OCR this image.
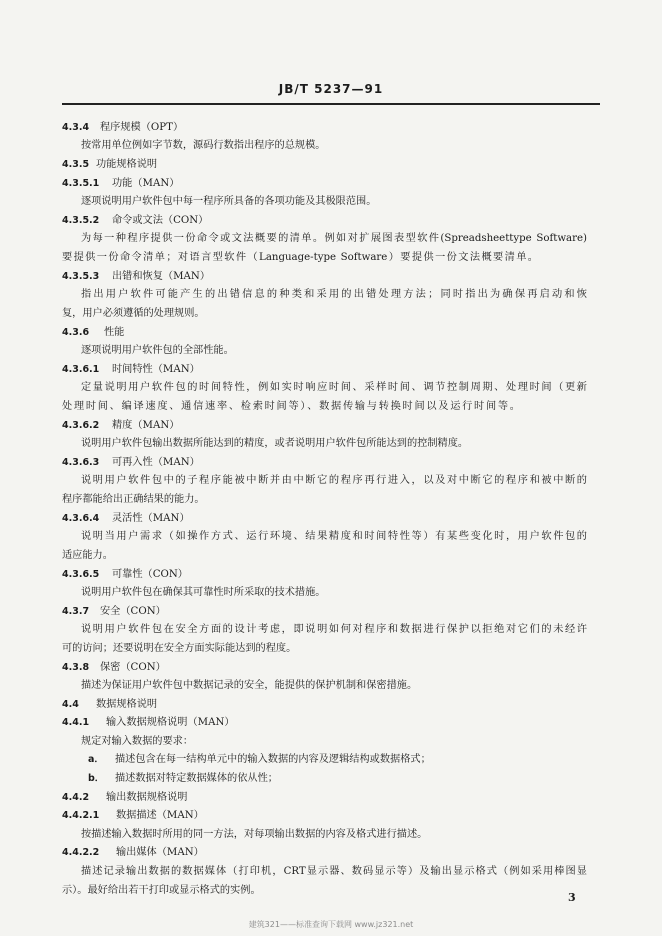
JB/T 5237—91
4.3.4 程序规模（OPT）
按常用单位例如字节数，源码行数指出程序的总规模。
4.3.5 功能规格说明
4.3.5.1 功能（MAN）
逐项说明用户软件包中每一程序所具备的各项功能及其极限范围。
4.3.5.2 命令或文法（CON）
为每一种程序提供一份命令或文法概要的清单。例如对扩展图表型软件(Spreadsheettype Software)
要提供一份命令清单；对语言型软件（Language-type Software）要提供一份文法概要清单。
4.3.5.3 出错和恢复（MAN）
指出用户软件可能产生的出错信息的种类和采用的出错处理方法；同时指出为确保再启动和恢
复，用户必须遵循的处理规则。
4.3.6 性能
逐项说明用户软件包的全部性能。
4.3.6.1 时间特性（MAN）
定量说明用户软件包的时间特性，例如实时响应时间、采样时间、调节控制周期、处理时间（更新
处理时间、编译速度、通信速率、检索时间等）、数据传输与转换时间以及运行时间等。
4.3.6.2 精度（MAN）
说明用户软件包输出数据所能达到的精度，或者说明用户软件包所能达到的控制精度。
4.3.6.3 可再入性（MAN）
说明用户软件包中的子程序能被中断并由中断它的程序再行进入，以及对中断它的程序和被中断的
程序都能给出正确结果的能力。
4.3.6.4 灵活性（MAN）
说明当用户需求（如操作方式、运行环境、结果精度和时间特性等）有某些变化时，用户软件包的
适应能力。
4.3.6.5 可靠性（CON）
说明用户软件包在确保其可靠性时所采取的技术措施。
4.3.7 安全（CON）
说明用户软件包在安全方面的设计考虑，即说明如何对程序和数据进行保护以拒绝对它们的未经许
可的访问；还要说明在安全方面实际能达到的程度。
4.3.8 保密（CON）
描述为保证用户软件包中数据记录的安全，能提供的保护机制和保密措施。
4.4 数据规格说明
4.4.1 输入数据规格说明（MAN）
规定对输入数据的要求：
a． 描述包含在每一结构单元中的输入数据的内容及逻辑结构或数据格式；
b． 描述数据对特定数据媒体的依从性；
4.4.2 输出数据规格说明
4.4.2.1 数据描述（MAN）
按描述输入数据时所用的同一方法，对每项输出数据的内容及格式进行描述。
4.4.2.2 输出媒体（MAN）
描述记录输出数据的数据媒体（打印机，CRT显示器、数码显示等）及输出显示格式（例如采用棒图显
示）。最好给出若干打印或显示格式的实例。
3
建筑321——标准查询下载网 www.jz321.net
